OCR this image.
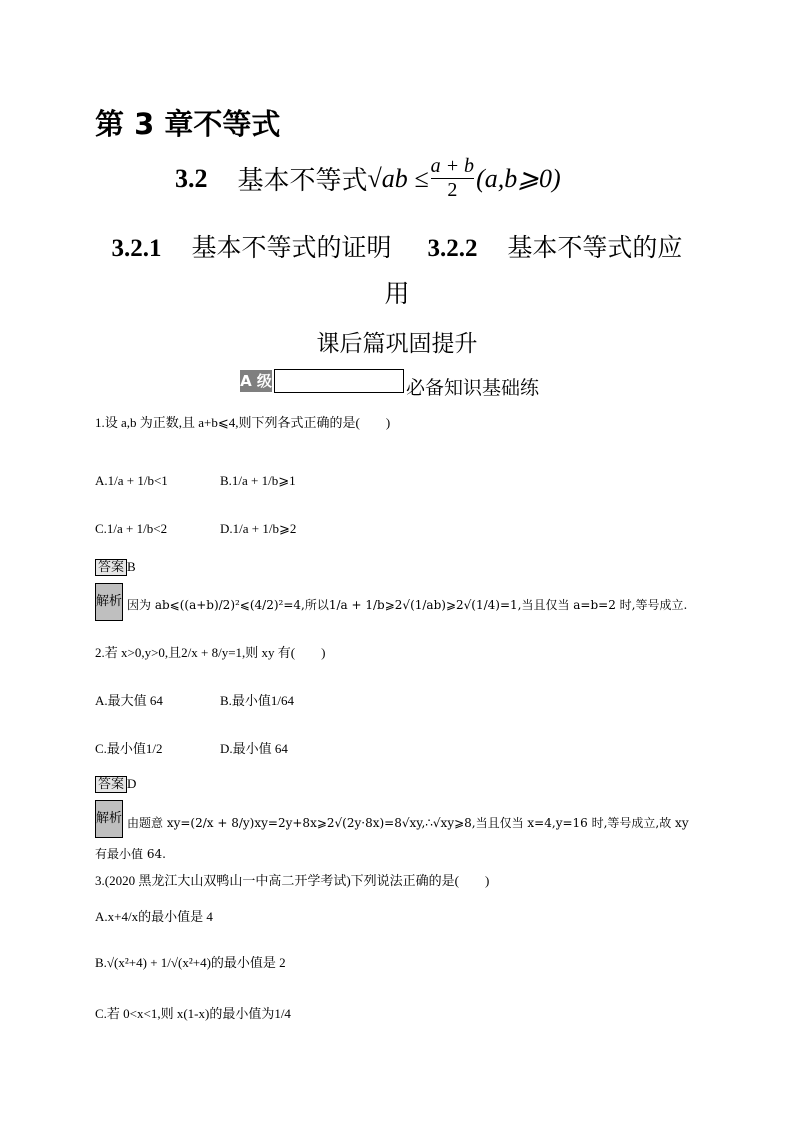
第 3 章不等式
3.2 基本不等式 $√ab \le \frac{a + b}{2}$ (a,b⩾0)
3.2.1 基本不等式的证明 3.2.2 基本不等式的应
用
课后篇巩固提升
A 级	必备知识基础练
1.设 a,b 为正数,且 a+b⩽4,则下列各式正确的是(　　)
A.1/a + 1/b<1	B.1/a + 1/b⩾1
C.1/a + 1/b<2	D.1/a + 1/b⩾2
答案 B
解析 因为 ab⩽((a+b)/2)²⩽(4/2)²=4,所以1/a + 1/b⩾2√(1/ab)⩾2√(1/4)=1,当且仅当 a=b=2 时,等号成立.
2.若 x>0,y>0,且2/x + 8/y=1,则 xy 有(　　)
A.最大值 64	B.最小值1/64
C.最小值1/2	D.最小值 64
答案 D
解析 由题意 xy=(2/x + 8/y)xy=2y+8x⩾2√(2y·8x)=8√xy,∴√xy⩾8,当且仅当 x=4,y=16 时,等号成立,故 xy
有最小值 64.
3.(2020 黑龙江大山双鸭山一中高二开学考试)下列说法正确的是(　　)
A.x+4/x的最小值是 4
B.√(x²+4) + 1/√(x²+4)的最小值是 2
C.若 0<x<1,则 x(1-x)的最小值为1/4
